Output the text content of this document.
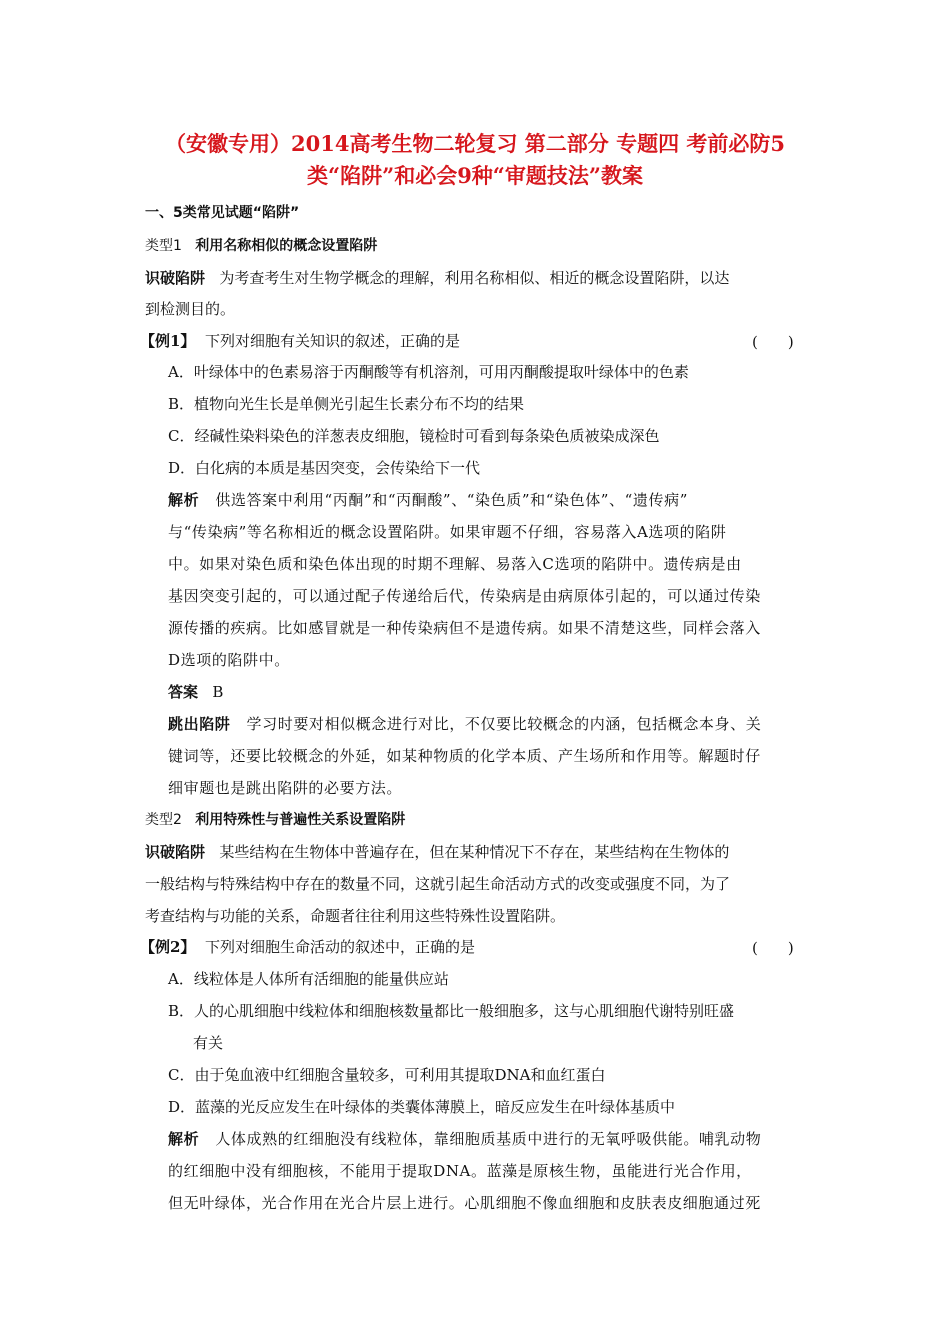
（安徽专用）2014高考生物二轮复习 第二部分 专题四 考前必防5
类“陷阱”和必会9种“审题技法”教案
一、5类常见试题“陷阱”
类型1 利用名称相似的概念设置陷阱
识破陷阱 为考查考生对生物学概念的理解，利用名称相似、相近的概念设置陷阱，以达
到检测目的。
【例1】 下列对细胞有关知识的叙述，正确的是	(　　)
A．叶绿体中的色素易溶于丙酮酸等有机溶剂，可用丙酮酸提取叶绿体中的色素
B．植物向光生长是单侧光引起生长素分布不均的结果
C．经碱性染料染色的洋葱表皮细胞，镜检时可看到每条染色质被染成深色
D．白化病的本质是基因突变，会传染给下一代
解析 供选答案中利用“丙酮”和“丙酮酸”、“染色质”和“染色体”、“遗传病”
与“传染病”等名称相近的概念设置陷阱。如果审题不仔细，容易落入A选项的陷阱
中。如果对染色质和染色体出现的时期不理解、易落入C选项的陷阱中。遗传病是由
基因突变引起的，可以通过配子传递给后代，传染病是由病原体引起的，可以通过传染
源传播的疾病。比如感冒就是一种传染病但不是遗传病。如果不清楚这些，同样会落入
D选项的陷阱中。
答案 B
跳出陷阱 学习时要对相似概念进行对比，不仅要比较概念的内涵，包括概念本身、关
键词等，还要比较概念的外延，如某种物质的化学本质、产生场所和作用等。解题时仔
细审题也是跳出陷阱的必要方法。
类型2 利用特殊性与普遍性关系设置陷阱
识破陷阱 某些结构在生物体中普遍存在，但在某种情况下不存在，某些结构在生物体的
一般结构与特殊结构中存在的数量不同，这就引起生命活动方式的改变或强度不同，为了
考查结构与功能的关系，命题者往往利用这些特殊性设置陷阱。
【例2】 下列对细胞生命活动的叙述中，正确的是	(　　)
A．线粒体是人体所有活细胞的能量供应站
B．人的心肌细胞中线粒体和细胞核数量都比一般细胞多，这与心肌细胞代谢特别旺盛
有关
C．由于兔血液中红细胞含量较多，可利用其提取DNA和血红蛋白
D．蓝藻的光反应发生在叶绿体的类囊体薄膜上，暗反应发生在叶绿体基质中
解析 人体成熟的红细胞没有线粒体，靠细胞质基质中进行的无氧呼吸供能。哺乳动物
的红细胞中没有细胞核，不能用于提取DNA。蓝藻是原核生物，虽能进行光合作用，
但无叶绿体，光合作用在光合片层上进行。心肌细胞不像血细胞和皮肤表皮细胞通过死
